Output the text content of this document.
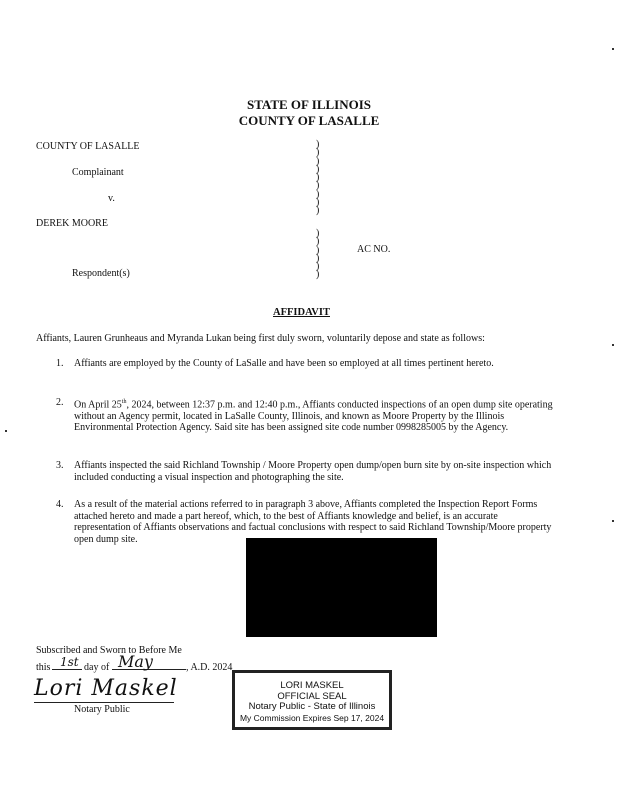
STATE OF ILLINOIS
COUNTY OF LASALLE
COUNTY OF LASALLE
Complainant
v.
DEREK MOORE
Respondent(s)
AC NO.
)
)
)
)
)
)
)
)
)
)
)
)
)
)
)
AFFIDAVIT
Affiants, Lauren Grunheaus and Myranda Lukan being first duly sworn, voluntarily depose and state as follows:
1. Affiants are employed by the County of LaSalle and have been so employed at all times pertinent hereto.
2. On April 25th, 2024, between 12:37 p.m. and 12:40 p.m., Affiants conducted inspections of an open dump site operating without an Agency permit, located in LaSalle County, Illinois, and known as Moore Property by the Illinois Environmental Protection Agency. Said site has been assigned site code number 0998285005 by the Agency.
3. Affiants inspected the said Richland Township / Moore Property open dump/open burn site by on-site inspection which included conducting a visual inspection and photographing the site.
4. As a result of the material actions referred to in paragraph 3 above, Affiants completed the Inspection Report Forms attached hereto and made a part hereof, which, to the best of Affiants knowledge and belief, is an accurate representation of Affiants observations and factual conclusions with respect to said Richland Township/Moore property open dump site.
Subscribed and Sworn to Before Me
this 1st day of May	, A.D. 2024
Lori Maskel
Notary Public
LORI MASKEL
OFFICIAL SEAL
Notary Public - State of Illinois
My Commission Expires Sep 17, 2024
